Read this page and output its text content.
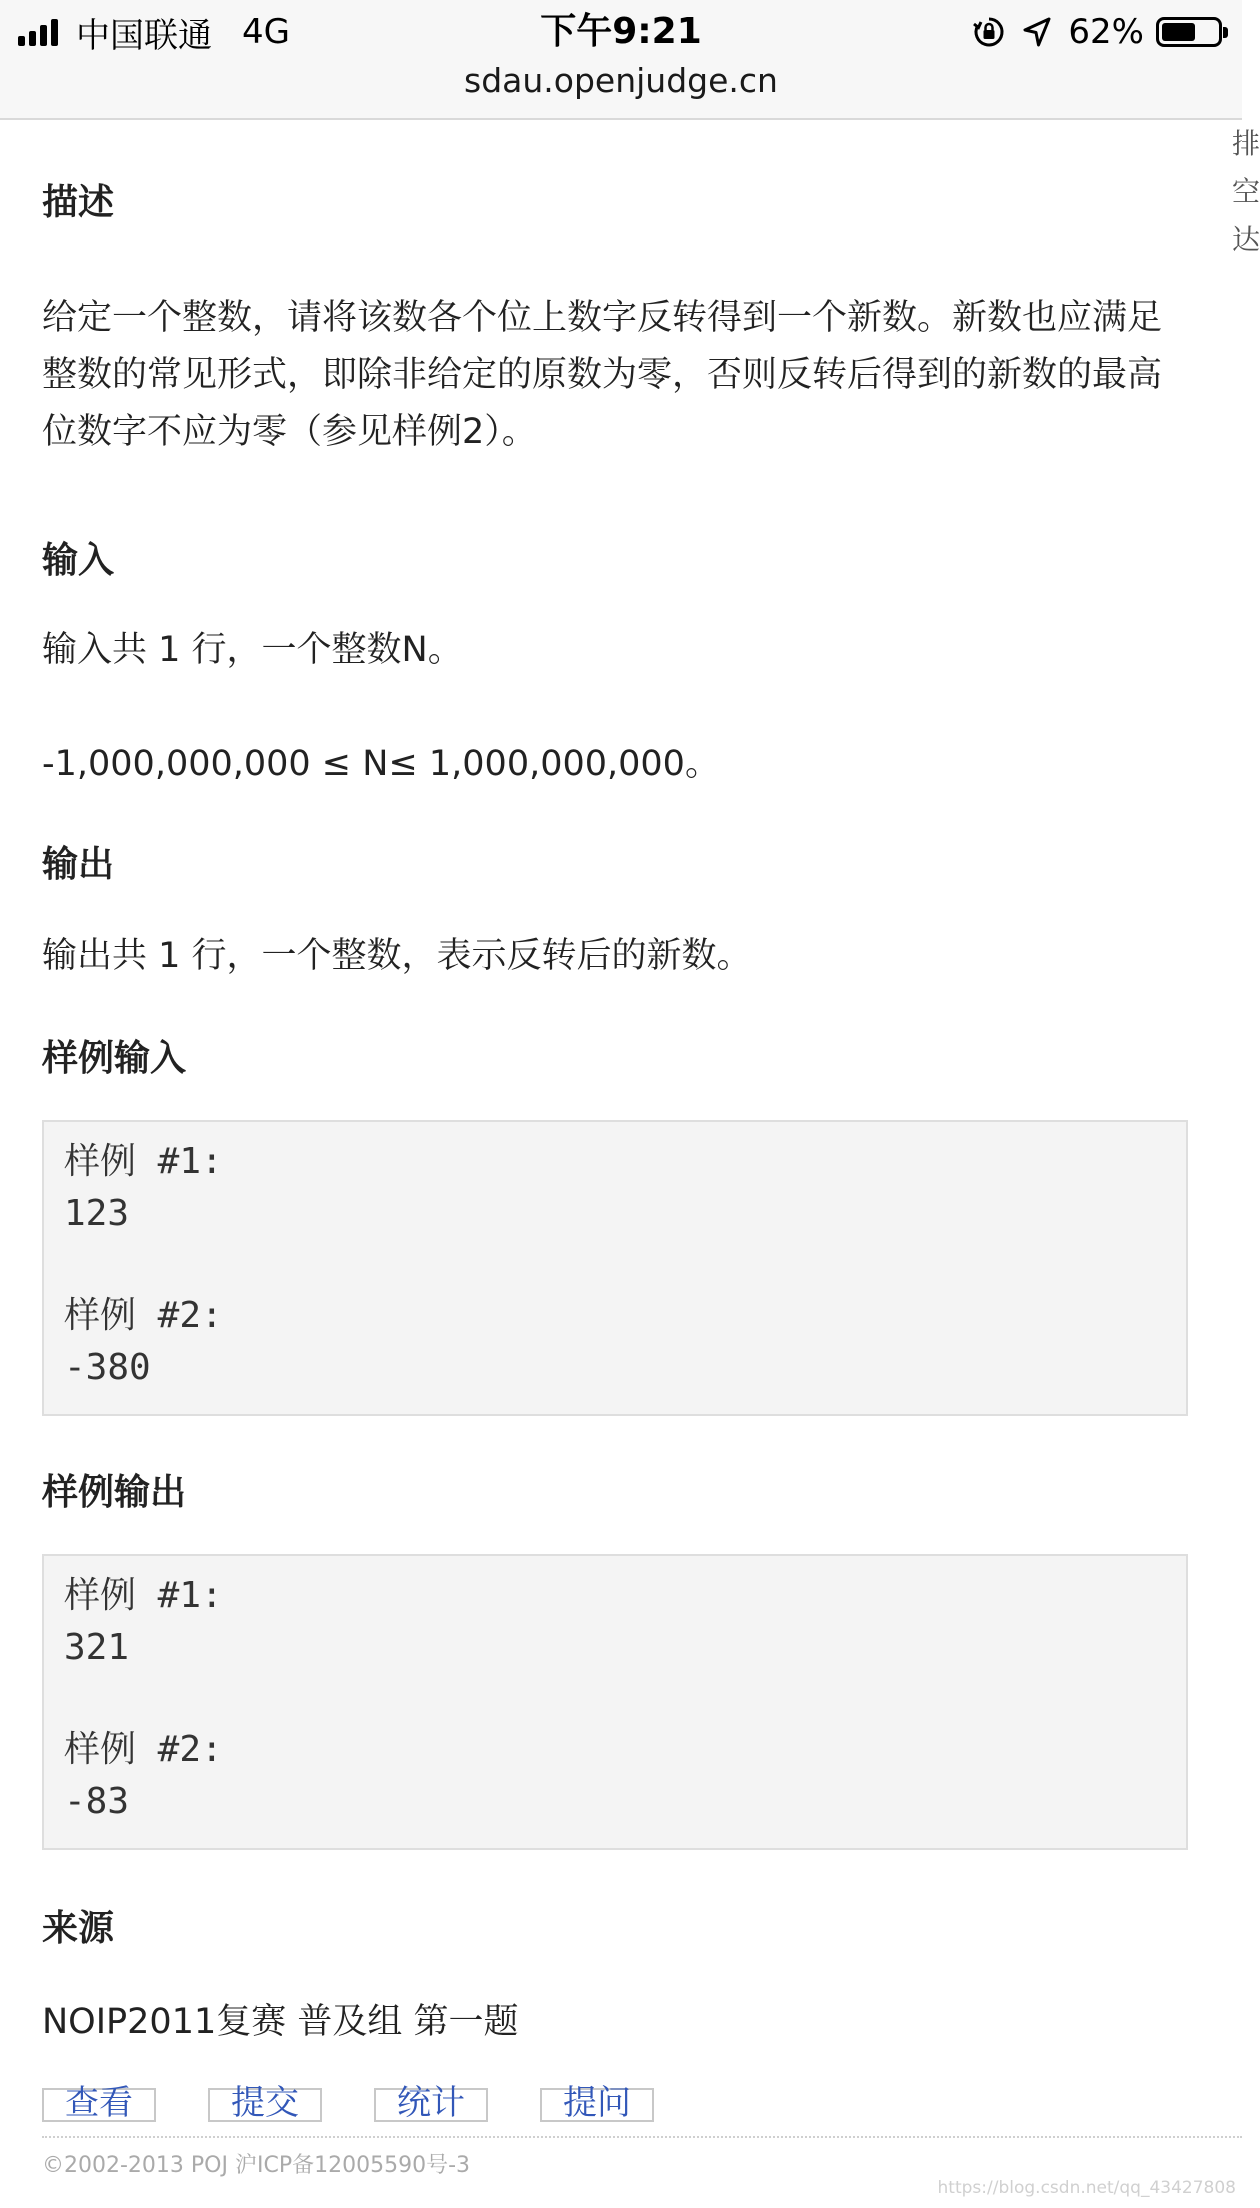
中国联通 4G	下午9:21	62%
sdau.openjudge.cn
排
空
达
描述
给定一个整数，请将该数各个位上数字反转得到一个新数。新数也应满足整数的常见形式，即除非给定的原数为零，否则反转后得到的新数的最高位数字不应为零（参见样例2）。
输入
输入共 1 行，一个整数N。
-1,000,000,000 ≤ N≤ 1,000,000,000。
输出
输出共 1 行，一个整数，表示反转后的新数。
样例输入
样例 #1:
123
样例 #2:
-380
样例输出
样例 #1:
321
样例 #2:
-83
来源
NOIP2011复赛 普及组 第一题
查看	提交	统计	提问
©2002-2013 POJ 沪ICP备12005590号-3
https://blog.csdn.net/qq_43427808
